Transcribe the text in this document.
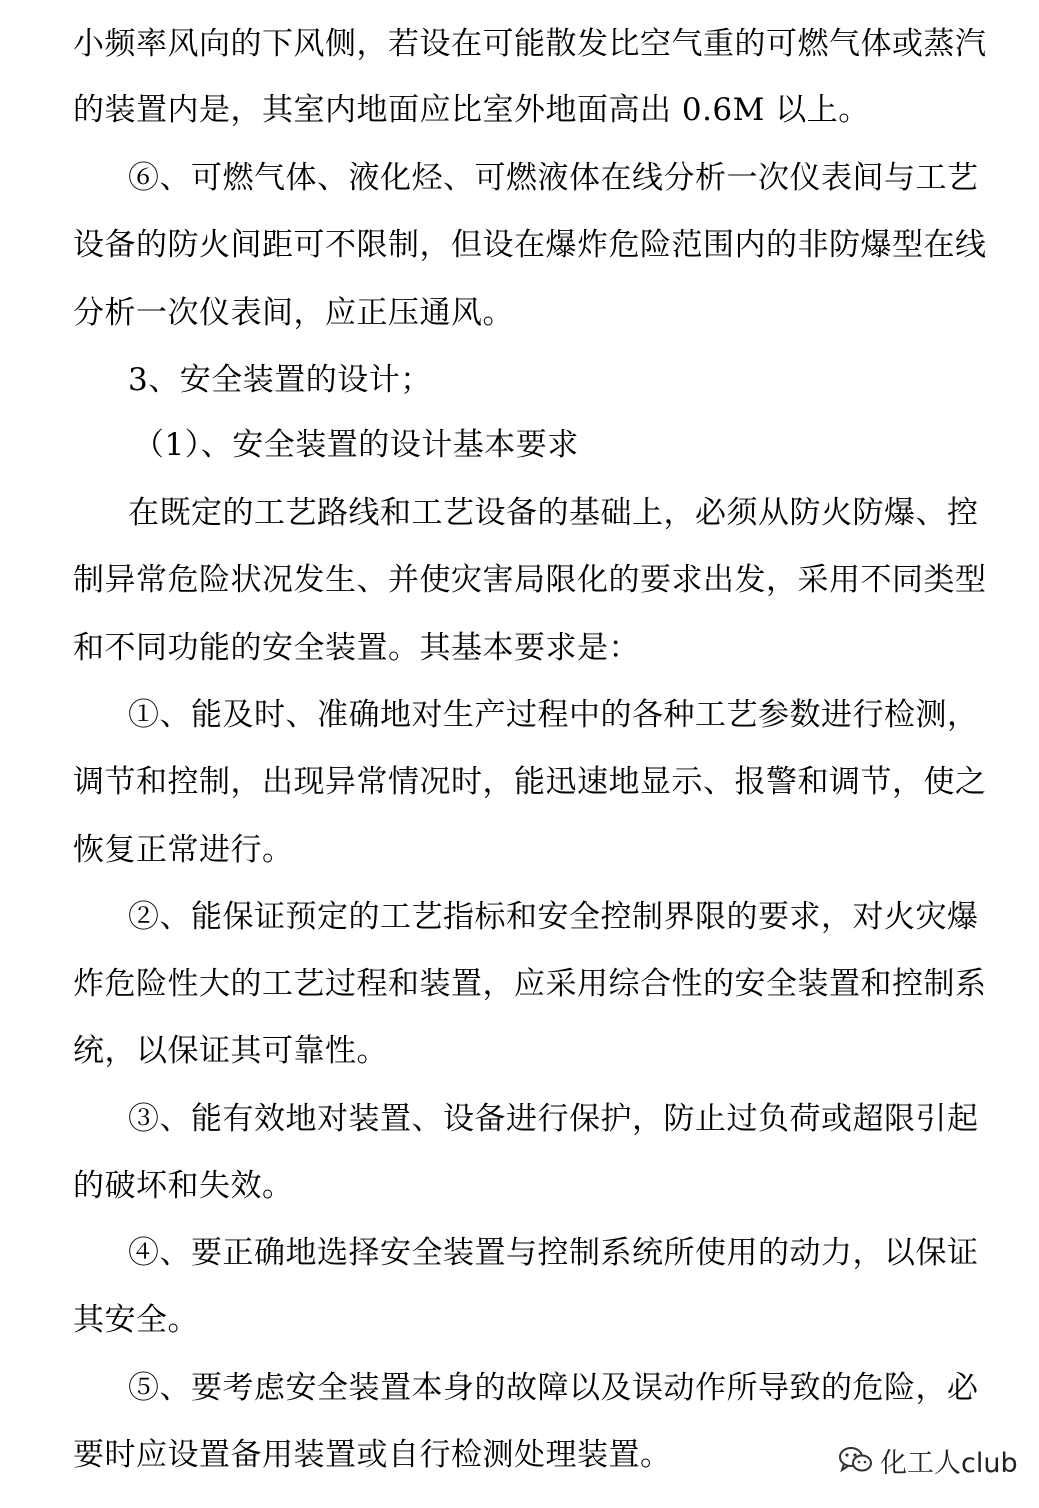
小频率风向的下风侧，若设在可能散发比空气重的可燃气体或蒸汽
的装置内是，其室内地面应比室外地面高出 0.6M 以上。
⑥、可燃气体、液化烃、可燃液体在线分析一次仪表间与工艺
设备的防火间距可不限制，但设在爆炸危险范围内的非防爆型在线
分析一次仪表间，应正压通风。
3、安全装置的设计；
（1）、安全装置的设计基本要求
在既定的工艺路线和工艺设备的基础上，必须从防火防爆、控
制异常危险状况发生、并使灾害局限化的要求出发，采用不同类型
和不同功能的安全装置。其基本要求是：
①、能及时、准确地对生产过程中的各种工艺参数进行检测，
调节和控制，出现异常情况时，能迅速地显示、报警和调节，使之
恢复正常进行。
②、能保证预定的工艺指标和安全控制界限的要求，对火灾爆
炸危险性大的工艺过程和装置，应采用综合性的安全装置和控制系
统，以保证其可靠性。
③、能有效地对装置、设备进行保护，防止过负荷或超限引起
的破坏和失效。
④、要正确地选择安全装置与控制系统所使用的动力，以保证
其安全。
⑤、要考虑安全装置本身的故障以及误动作所导致的危险，必
要时应设置备用装置或自行检测处理装置。	化工人club
